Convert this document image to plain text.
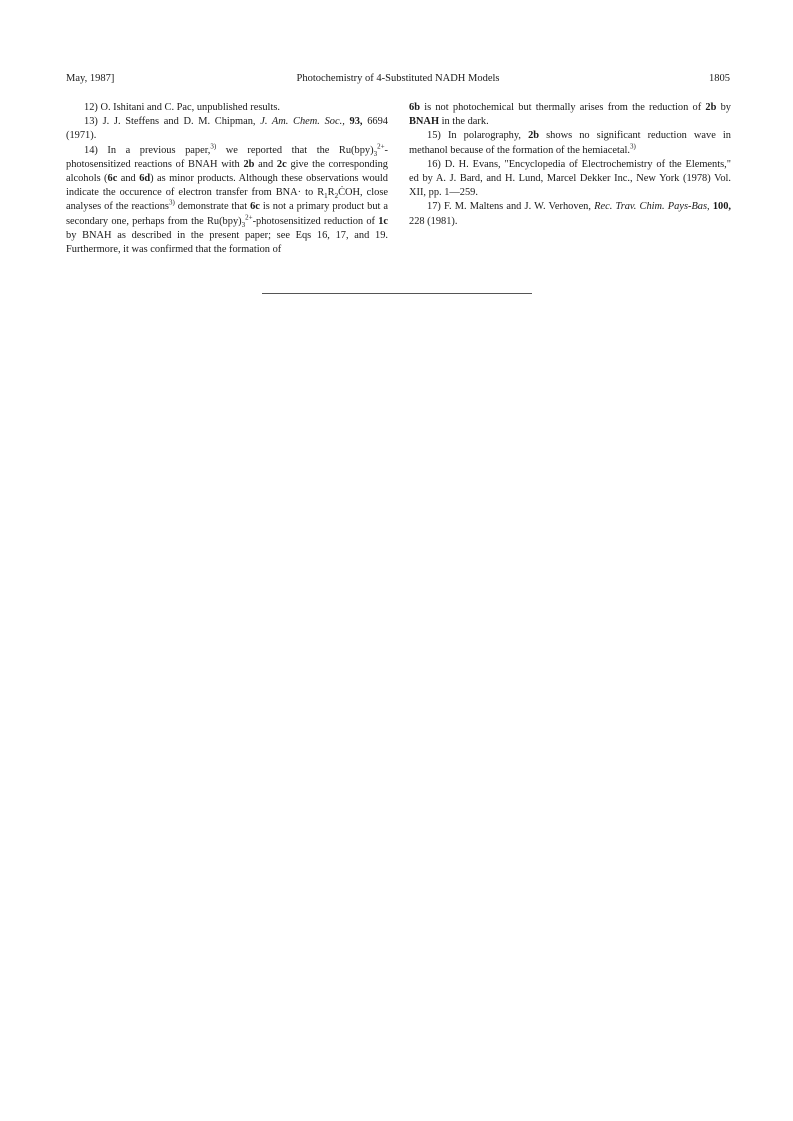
May, 1987]	Photochemistry of 4-Substituted NADH Models	1805

12) O. Ishitani and C. Pac, unpublished results.

13) J. J. Steffens and D. M. Chipman, J. Am. Chem. Soc., 93, 6694 (1971).

14) In a previous paper,$^{3)}$ we reported that the $Ru(bpy)_3^{2+}$-photosensitized reactions of BNAH with 2b and 2c give the corresponding alcohols (6c and 6d) as minor products. Although these observations would indicate the occurence of electron transfer from BNA· to $R_1R_2ĊOH$, close analyses of the reactions$^{3)}$ demonstrate that 6c is not a primary product but a secondary one, perhaps from the $Ru(bpy)_3^{2+}$-photosensitized reduction of 1c by BNAH as described in the present paper; see Eqs 16, 17, and 19. Furthermore, it was confirmed that the formation of

6b is not photochemical but thermally arises from the reduction of 2b by BNAH in the dark.

15) In polarography, 2b shows no significant reduction wave in methanol because of the formation of the hemiacetal.$^{3)}$

16) D. H. Evans, "Encyclopedia of Electrochemistry of the Elements," ed by A. J. Bard, and H. Lund, Marcel Dekker Inc., New York (1978) Vol. XII, pp. 1—259.

17) F. M. Maltens and J. W. Verhoven, Rec. Trav. Chim. Pays-Bas, 100, 228 (1981).
